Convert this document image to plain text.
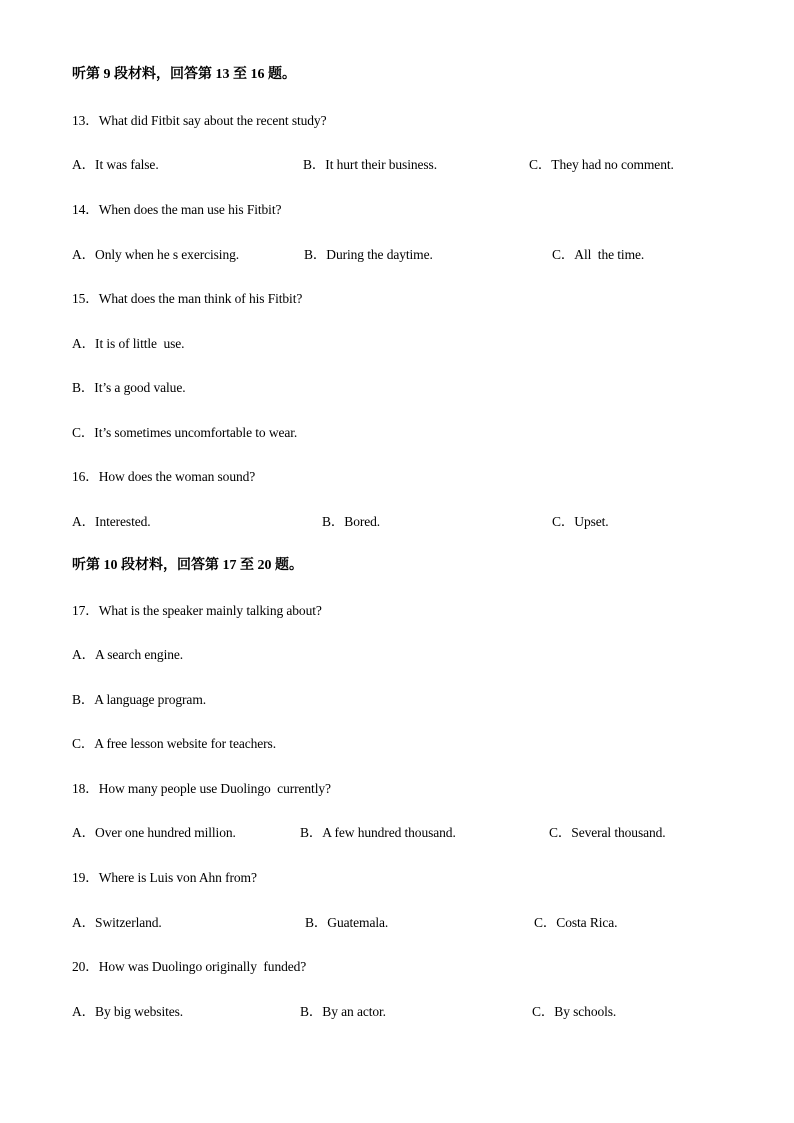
听第 9 段材料，回答第 13 至 16 题。
13．What did Fitbit say about the recent study?
A．It was false.	B．It hurt their business.	C．They had no comment.
14．When does the man use his Fitbit?
A．Only when he s exercising.	B．During the daytime.	C．All  the time.
15．What does the man think of his Fitbit?
A．It is of little  use.
B．It’s a good value.
C．It’s sometimes uncomfortable to wear.
16．How does the woman sound?
A．Interested.	B．Bored.	C．Upset.
听第 10 段材料，回答第 17 至 20 题。
17．What is the speaker mainly talking about?
A．A search engine.
B．A language program.
C．A free lesson website for teachers.
18．How many people use Duolingo  currently?
A．Over one hundred million.	B．A few hundred thousand.	C．Several thousand.
19．Where is Luis von Ahn from?
A．Switzerland.	B．Guatemala.	C．Costa Rica.
20．How was Duolingo originally  funded?
A．By big websites.	B．By an actor.	C．By schools.
